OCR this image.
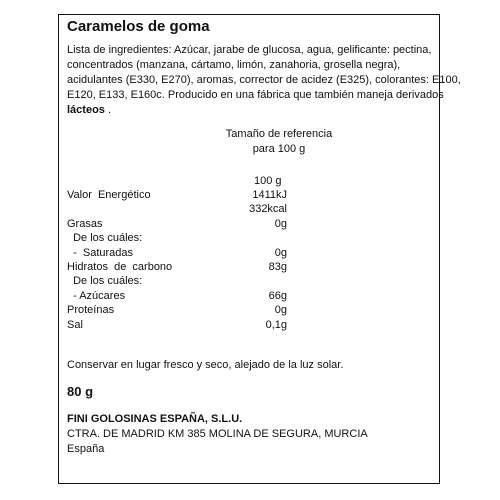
Caramelos de goma
Lista de ingredientes: Azúcar, jarabe de glucosa, agua, gelificante: pectina,
concentrados (manzana, cártamo, limón, zanahoria, grosella negra),
acidulantes (E330, E270), aromas, corrector de acidez (E325), colorantes: E100,
E120, E133, E160c. Producido en una fábrica que también maneja derivados
lácteos .
Tamaño de referencia
para 100 g
100 g
Valor  Energético	1411kJ
332kcal
Grasas	0g
De los cuáles:
-  Saturadas	0g
Hidratos  de  carbono	83g
De los cuáles:
- Azúcares	66g
Proteínas	0g
Sal	0,1g
Conservar en lugar fresco y seco, alejado de la luz solar.
80 g
FINI GOLOSINAS ESPAÑA, S.L.U.
CTRA. DE MADRID KM 385 MOLINA DE SEGURA, MURCIA
España
